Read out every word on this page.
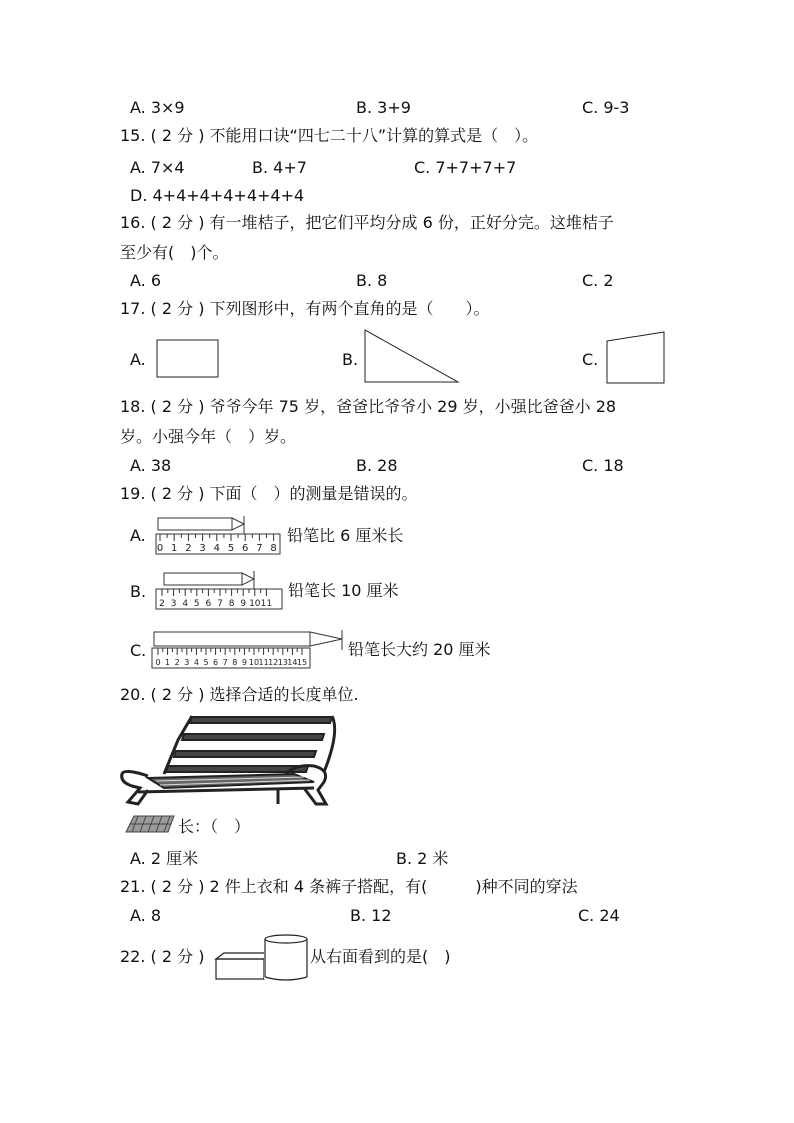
A. 3×9	B. 3+9	C. 9-3
15. ( 2 分 ) 不能用口诀“四七二十八”计算的算式是（　）。
A. 7×4	B. 4+7	C. 7+7+7+7
D. 4+4+4+4+4+4+4
16. ( 2 分 ) 有一堆桔子，把它们平均分成 6 份，正好分完。这堆桔子
至少有(　)个。
A. 6	B. 8	C. 2
17. ( 2 分 ) 下列图形中，有两个直角的是（　　）。
A.	B.	C.
18. ( 2 分 ) 爷爷今年 75 岁，爸爸比爷爷小 29 岁，小强比爸爸小 28
岁。小强今年（　）岁。
A. 38	B. 28	C. 18
19. ( 2 分 ) 下面（　）的测量是错误的。
A.
0 1 2 3 4 5 6 7 8
铅笔比 6 厘米长
B.
2 3 4 5 6 7 8 9 10 11
铅笔长 10 厘米
C.
0 1 2 3 4 5 6 7 8 9 10 11 12 13 14 15
铅笔长大约 20 厘米
20. ( 2 分 ) 选择合适的长度单位.
长：（　）
A. 2 厘米	B. 2 米
21. ( 2 分 ) 2 件上衣和 4 条裤子搭配，有(　　　)种不同的穿法
A. 8	B. 12	C. 24
22. ( 2 分 )	从右面看到的是(　)
